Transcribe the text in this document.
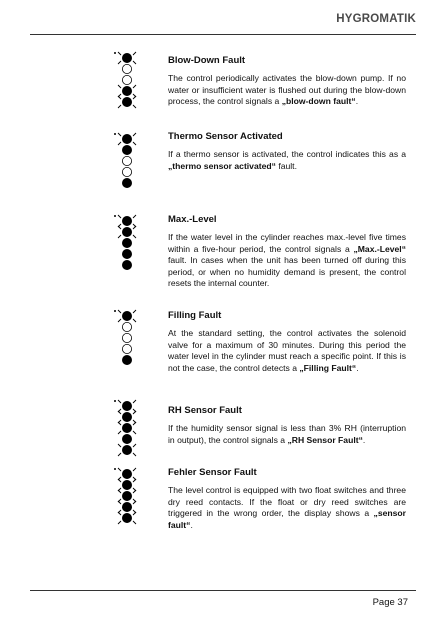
HYGROMATIK

Blow-Down Fault

The control periodically activates the blow-down pump. If no water or insufficient water is flushed out during the blow-down process, the control signals a „blow-down fault“.

Thermo Sensor Activated

If a thermo sensor is activated, the control indicates this as a „thermo sensor activated“ fault.

Max.-Level

If the water level in the cylinder reaches max.-level five times within a five-hour period, the control signals a „Max.-Level“ fault. In cases when the unit has been turned off during this period, or when no humidity demand is present, the control resets the internal counter.

Filling Fault

At the standard setting, the control activates the solenoid valve for a maximum of 30 minutes. During this period the water level in the cylinder must reach a specific point. If this is not the case, the control detects a „Filling Fault“.

RH Sensor Fault

If the humidity sensor signal is less than 3% RH (interruption in output), the control signals a „RH Sensor Fault“.

Fehler Sensor Fault

The level control is equipped with two float switches and three dry reed contacts. If the float or dry reed switches are triggered in the wrong order, the display shows a „sensor fault“.

Page 37
